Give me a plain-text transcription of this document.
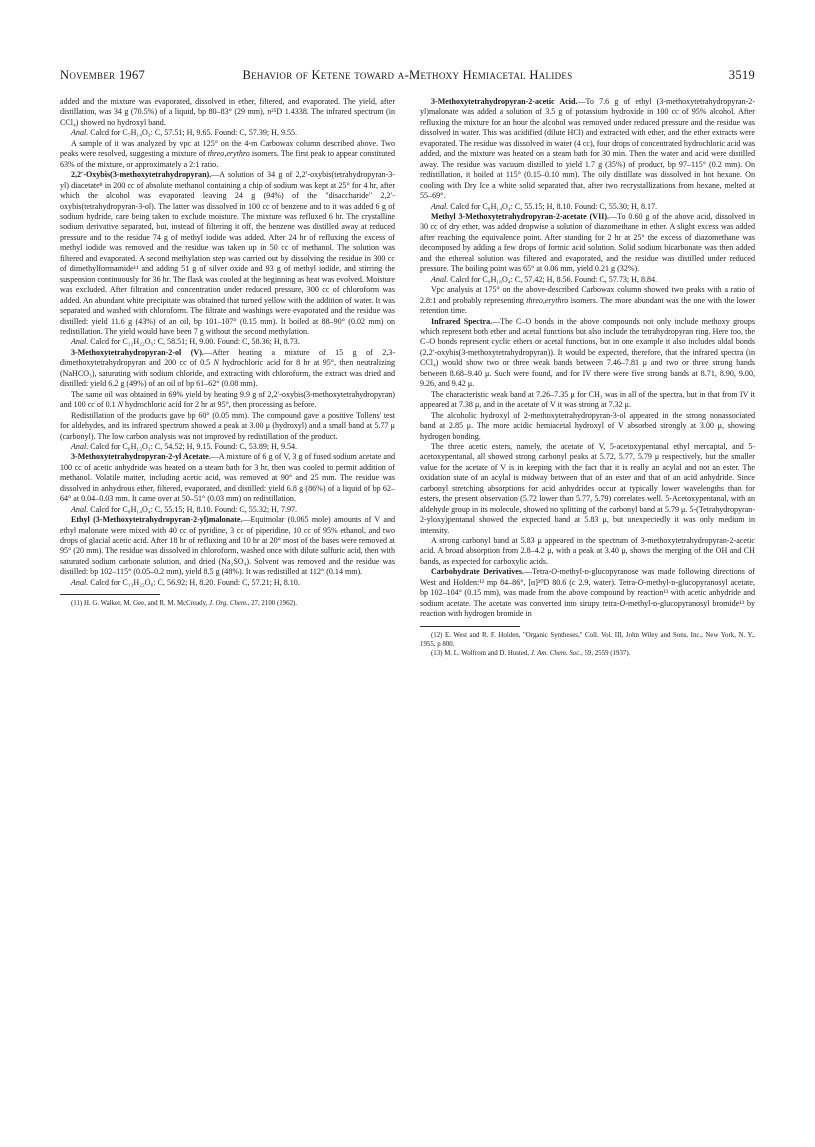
November 1967	Behavior of Ketene toward α-Methoxy Hemiacetal Halides	3519

added and the mixture was evaporated, dissolved in ether, filtered, and evaporated. The yield, after distillation, was 34 g (70.5%) of a liquid, bp 80–83° (29 mm), n²⁵D 1.4338. The infrared spectrum (in CCl₄) showed no hydroxyl band.

Anal. Calcd for C₇H₁₄O₃: C, 57.51; H, 9.65. Found: C, 57.39; H, 9.55.

A sample of it was analyzed by vpc at 125° on the 4-m Carbowax column described above. Two peaks were resolved, suggesting a mixture of threo,erythro isomers. The first peak to appear constituted 63% of the mixture, or approximately a 2:1 ratio.

2,2′-Oxybis(3-methoxytetrahydropyran).—A solution of 34 g of 2,2′-oxybis(tetrahydropyran-3-yl) diacetate⁸ in 200 cc of absolute methanol containing a chip of sodium was kept at 25° for 4 hr, after which the alcohol was evaporated leaving 24 g (94%) of the "disaccharide" 2,2′-oxybis(tetrahydropyran-3-ol). The latter was dissolved in 100 cc of benzene and to it was added 6 g of sodium hydride, care being taken to exclude moisture. The mixture was refluxed 6 hr. The crystalline sodium derivative separated, but, instead of filtering it off, the benzene was distilled away at reduced pressure and to the residue 74 g of methyl iodide was added. After 24 hr of refluxing the excess of methyl iodide was removed and the residue was taken up in 50 cc of methanol. The solution was filtered and evaporated. A second methylation step was carried out by dissolving the residue in 300 cc of dimethylformamide¹¹ and adding 51 g of silver oxide and 93 g of methyl iodide, and stirring the suspension continuously for 36 hr. The flask was cooled at the beginning as heat was evolved. Moisture was excluded. After filtration and concentration under reduced pressure, 300 cc of chloroform was added. An abundant white precipitate was obtained that turned yellow with the addition of water. It was separated and washed with chloroform. The filtrate and washings were evaporated and the residue was distilled: yield 11.6 g (43%) of an oil, bp 101–107° (0.15 mm). It boiled at 88–90° (0.02 mm) on redistillation. The yield would have been 7 g without the second methylation.

Anal. Calcd for C₁₂H₂₂O₅: C, 58.51; H, 9.00. Found: C, 58.36; H, 8.73.

3-Methoxytetrahydropyran-2-ol (V).—After heating a mixture of 15 g of 2,3-dimethoxytetrahydropyran and 200 cc of 0.5 N hydrochloric acid for 8 hr at 95°, then neutralizing (NaHCO₃), saturating with sodium chloride, and extracting with chloroform, the extract was dried and distilled: yield 6.2 g (49%) of an oil of bp 61–62° (0.08 mm).

The same oil was obtained in 69% yield by heating 9.9 g of 2,2′-oxybis(3-methoxytetrahydropyran) and 100 cc of 0.1 N hydrochloric acid for 2 hr at 95°, then processing as before.

Redistillation of the products gave bp 60° (0.05 mm). The compound gave a positive Tollens' test for aldehydes, and its infrared spectrum showed a peak at 3.00 μ (hydroxyl) and a small band at 5.77 μ (carbonyl). The low carbon analysis was not improved by redistillation of the product.

Anal. Calcd for C₆H₁₂O₃: C, 54.52; H, 9.15. Found: C, 53.89; H, 9.54.

3-Methoxytetrahydropyran-2-yl Acetate.—A mixture of 6 g of V, 3 g of fused sodium acetate and 100 cc of acetic anhydride was heated on a steam bath for 3 hr, then was cooled to permit addition of methanol. Volatile matter, including acetic acid, was removed at 90° and 25 mm. The residue was dissolved in anhydrous ether, filtered, evaporated, and distilled: yield 6.8 g (86%) of a liquid of bp 62–64° at 0.04–0.03 mm. It came over at 50–51° (0.03 mm) on redistillation.

Anal. Calcd for C₈H₁₄O₄: C, 55.15; H, 8.10. Found: C, 55.32; H, 7.97.

Ethyl (3-Methoxytetrahydropyran-2-yl)malonate.—Equimolar (0.065 mole) amounts of V and ethyl malonate were mixed with 40 cc of pyridine, 3 cc of piperidine, 10 cc of 95% ethanol, and two drops of glacial acetic acid. After 18 hr of refluxing and 10 hr at 20° most of the bases were removed at 95° (20 mm). The residue was dissolved in chloroform, washed once with dilute sulfuric acid, then with saturated sodium carbonate solution, and dried (Na₂SO₄). Solvent was removed and the residue was distilled: bp 102–115° (0.05–0.2 mm), yield 8.5 g (48%). It was redistilled at 112° (0.14 mm).

Anal. Calcd for C₁₃H₂₂O₆: C, 56.92; H, 8.20. Found: C, 57.21; H, 8.10.

(11) H. G. Walker, M. Gee, and R. M. McCready, J. Org. Chem., 27, 2100 (1962).

3-Methoxytetrahydropyran-2-acetic Acid.—To 7.6 g of ethyl (3-methoxytetrahydropyran-2-yl)malonate was added a solution of 3.5 g of potassium hydroxide in 100 cc of 95% alcohol. After refluxing the mixture for an hour the alcohol was removed under reduced pressure and the residue was dissolved in water. This was acidified (dilute HCl) and extracted with ether, and the ether extracts were evaporated. The residue was dissolved in water (4 cc), four drops of concentrated hydrochloric acid was added, and the mixture was heated on a steam bath for 30 min. Then the water and acid were distilled away. The residue was vacuum distilled to yield 1.7 g (35%) of product, bp 97–115° (0.2 mm). On redistillation, it boiled at 115° (0.15–0.10 mm). The oily distillate was dissolved in hot hexane. On cooling with Dry Ice a white solid separated that, after two recrystallizations from hexane, melted at 55–69°.

Anal. Calcd for C₈H₁₄O₄: C, 55.15; H, 8.10. Found: C, 55.30; H, 8.17.

Methyl 3-Methoxytetrahydropyran-2-acetate (VII).—To 0.60 g of the above acid, dissolved in 30 cc of dry ether, was added dropwise a solution of diazomethane in ether. A slight excess was added after reaching the equivalence point. After standing for 2 hr at 25° the excess of diazomethane was decomposed by adding a few drops of formic acid solution. Solid sodium bicarbonate was then added and the ethereal solution was filtered and evaporated, and the residue was distilled under reduced pressure. The boiling point was 65° at 0.06 mm, yield 0.21 g (32%).

Anal. Calcd for C₉H₁₆O₄: C, 57.42; H, 8.56. Found: C, 57.73; H, 8.84.

Vpc analysis at 175° on the above-described Carbowax column showed two peaks with a ratio of 2.8:1 and probably representing threo,erythro isomers. The more abundant was the one with the lower retention time.

Infrared Spectra.—The C–O bonds in the above compounds not only include methoxy groups which represent both ether and acetal functions but also include the tetrahydropyran ring. Here too, the C–O bonds represent cyclic ethers or acetal functions, but in one example it also includes aldal bonds (2,2′-oxybis(3-methoxytetrahydropyran)). It would be expected, therefore, that the infrared spectra (in CCl₄) would show two or three weak bands between 7.46–7.81 μ and two or three strong bands between 8.68–9.40 μ. Such were found, and for IV there were five strong bands at 8.71, 8.90, 9.00, 9.26, and 9.42 μ.

The characteristic weak band at 7.26–7.35 μ for CH₃ was in all of the spectra, but in that from IV it appeared at 7.38 μ, and in the acetate of V it was strong at 7.32 μ.

The alcoholic hydroxyl of 2-methoxytetrahydropyran-3-ol appeared in the strong nonassociated band at 2.85 μ. The more acidic hemiacetal hydroxyl of V absorbed strongly at 3.00 μ, showing hydrogen bonding.

The three acetic esters, namely, the acetate of V, 5-acetoxypentanal ethyl mercaptal, and 5-acetoxypentanal, all showed strong carbonyl peaks at 5.72, 5.77, 5.79 μ respectively, but the smaller value for the acetate of V is in keeping with the fact that it is really an acylal and not an ester. The oxidation state of an acylal is midway between that of an ester and that of an acid anhydride. Since carbonyl stretching absorptions for acid anhydrides occur at typically lower wavelengths than for esters, the present observation (5.72 lower than 5.77, 5.79) correlates well. 5-Acetoxypentanal, with an aldehyde group in its molecule, showed no splitting of the carbonyl band at 5.79 μ. 5-(Tetrahydropyran-2-yloxy)pentanal showed the expected band at 5.83 μ, but unexpectedly it was only medium in intensity.

A strong carbonyl band at 5.83 μ appeared in the spectrum of 3-methoxytetrahydropyran-2-acetic acid. A broad absorption from 2.8–4.2 μ, with a peak at 3.40 μ, shows the merging of the OH and CH bands, as expected for carboxylic acids.

Carbohydrate Derivatives.—Tetra-O-methyl-ᴅ-glucopyranose was made following directions of West and Holden:¹² mp 84–86°, [α]²⁰D 80.6 (c 2.9, water). Tetra-O-methyl-ᴅ-glucopyranosyl acetate, bp 102–104° (0.15 mm), was made from the above compound by reaction¹³ with acetic anhydride and sodium acetate. The acetate was converted into sirupy tetra-O-methyl-ᴅ-glucopyranosyl bromide¹³ by reaction with hydrogen bromide in

(12) E. West and R. F. Holden, "Organic Syntheses," Coll. Vol. III, John Wiley and Sons, Inc., New York, N. Y., 1955, p 800.

(13) M. L. Wolfrom and D. Husted, J. Am. Chem. Soc., 59, 2559 (1937).
